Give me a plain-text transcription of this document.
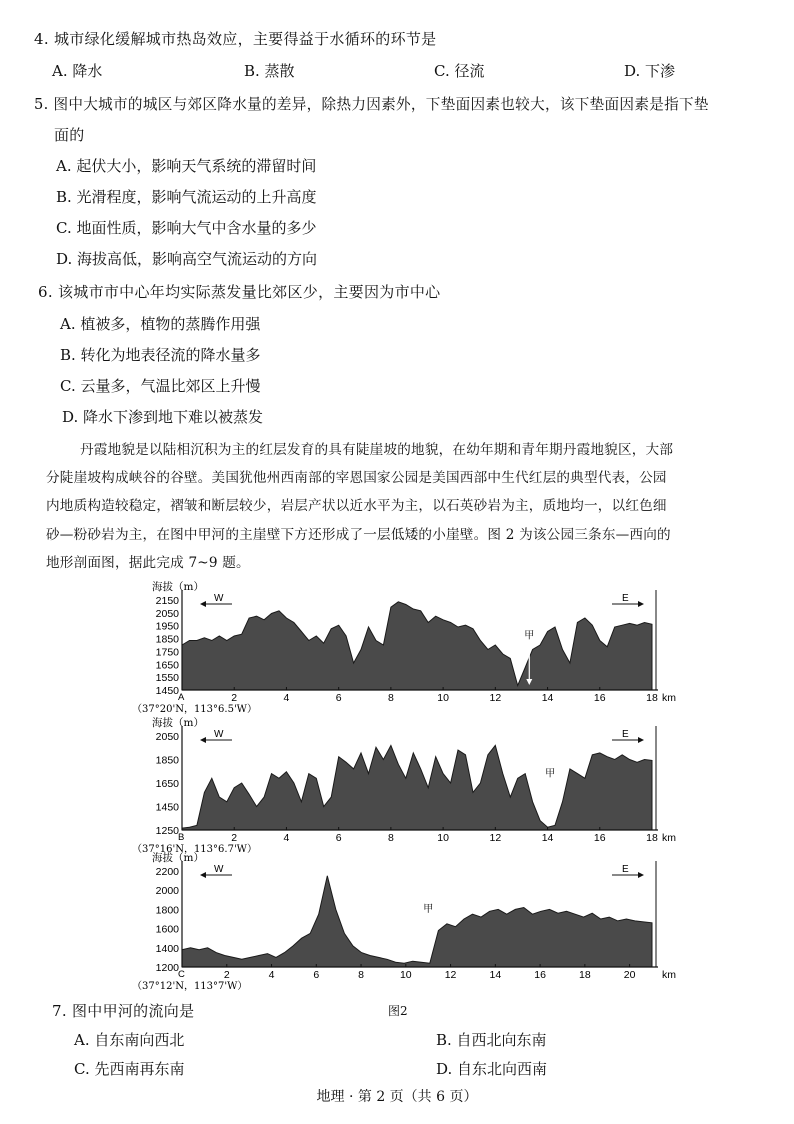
4. 城市绿化缓解城市热岛效应，主要得益于水循环的环节是
A. 降水	B. 蒸散	C. 径流	D. 下渗
5. 图中大城市的城区与郊区降水量的差异，除热力因素外，下垫面因素也较大，该下垫面因素是指下垫
面的
A. 起伏大小，影响天气系统的滞留时间
B. 光滑程度，影响气流运动的上升高度
C. 地面性质，影响大气中含水量的多少
D. 海拔高低，影响高空气流运动的方向
6. 该城市市中心年均实际蒸发量比郊区少，主要因为市中心
A. 植被多，植物的蒸腾作用强
B. 转化为地表径流的降水量多
C. 云量多，气温比郊区上升慢
D. 降水下渗到地下难以被蒸发
丹霞地貌是以陆相沉积为主的红层发育的具有陡崖坡的地貌，在幼年期和青年期丹霞地貌区，大部
分陡崖坡构成峡谷的谷壁。美国犹他州西南部的宰恩国家公园是美国西部中生代红层的典型代表，公园
内地质构造较稳定，褶皱和断层较少，岩层产状以近水平为主，以石英砂岩为主，质地均一，以红色细
砂—粉砂岩为主，在图中甲河的主崖壁下方还形成了一层低矮的小崖壁。图 2 为该公园三条东—西向的
地形剖面图，据此完成 7~9 题。
2150
2050
1950
1850
1750
1650
1550
1450
2	4	6	8	10	12	14	16	18 km
海拔（m）
A
（37°20'N，113°6.5'W）
W	E
甲
2050
1850
1650
1450
1250
2	4	6	8	10	12	14	16	18 km
海拔（m）
B
（37°16'N，113°6.7'W）
W	E
甲
2200
2000
1800
1600
1400
1200
2	4	6	8	10	12	14	16	18	20	km
海拔（m）
C
（37°12'N，113°7'W）
W	E
甲
7. 图中甲河的流向是	图2
A. 自东南向西北	B. 自西北向东南
C. 先西南再东南	D. 自东北向西南
地理 · 第 2 页（共 6 页）
